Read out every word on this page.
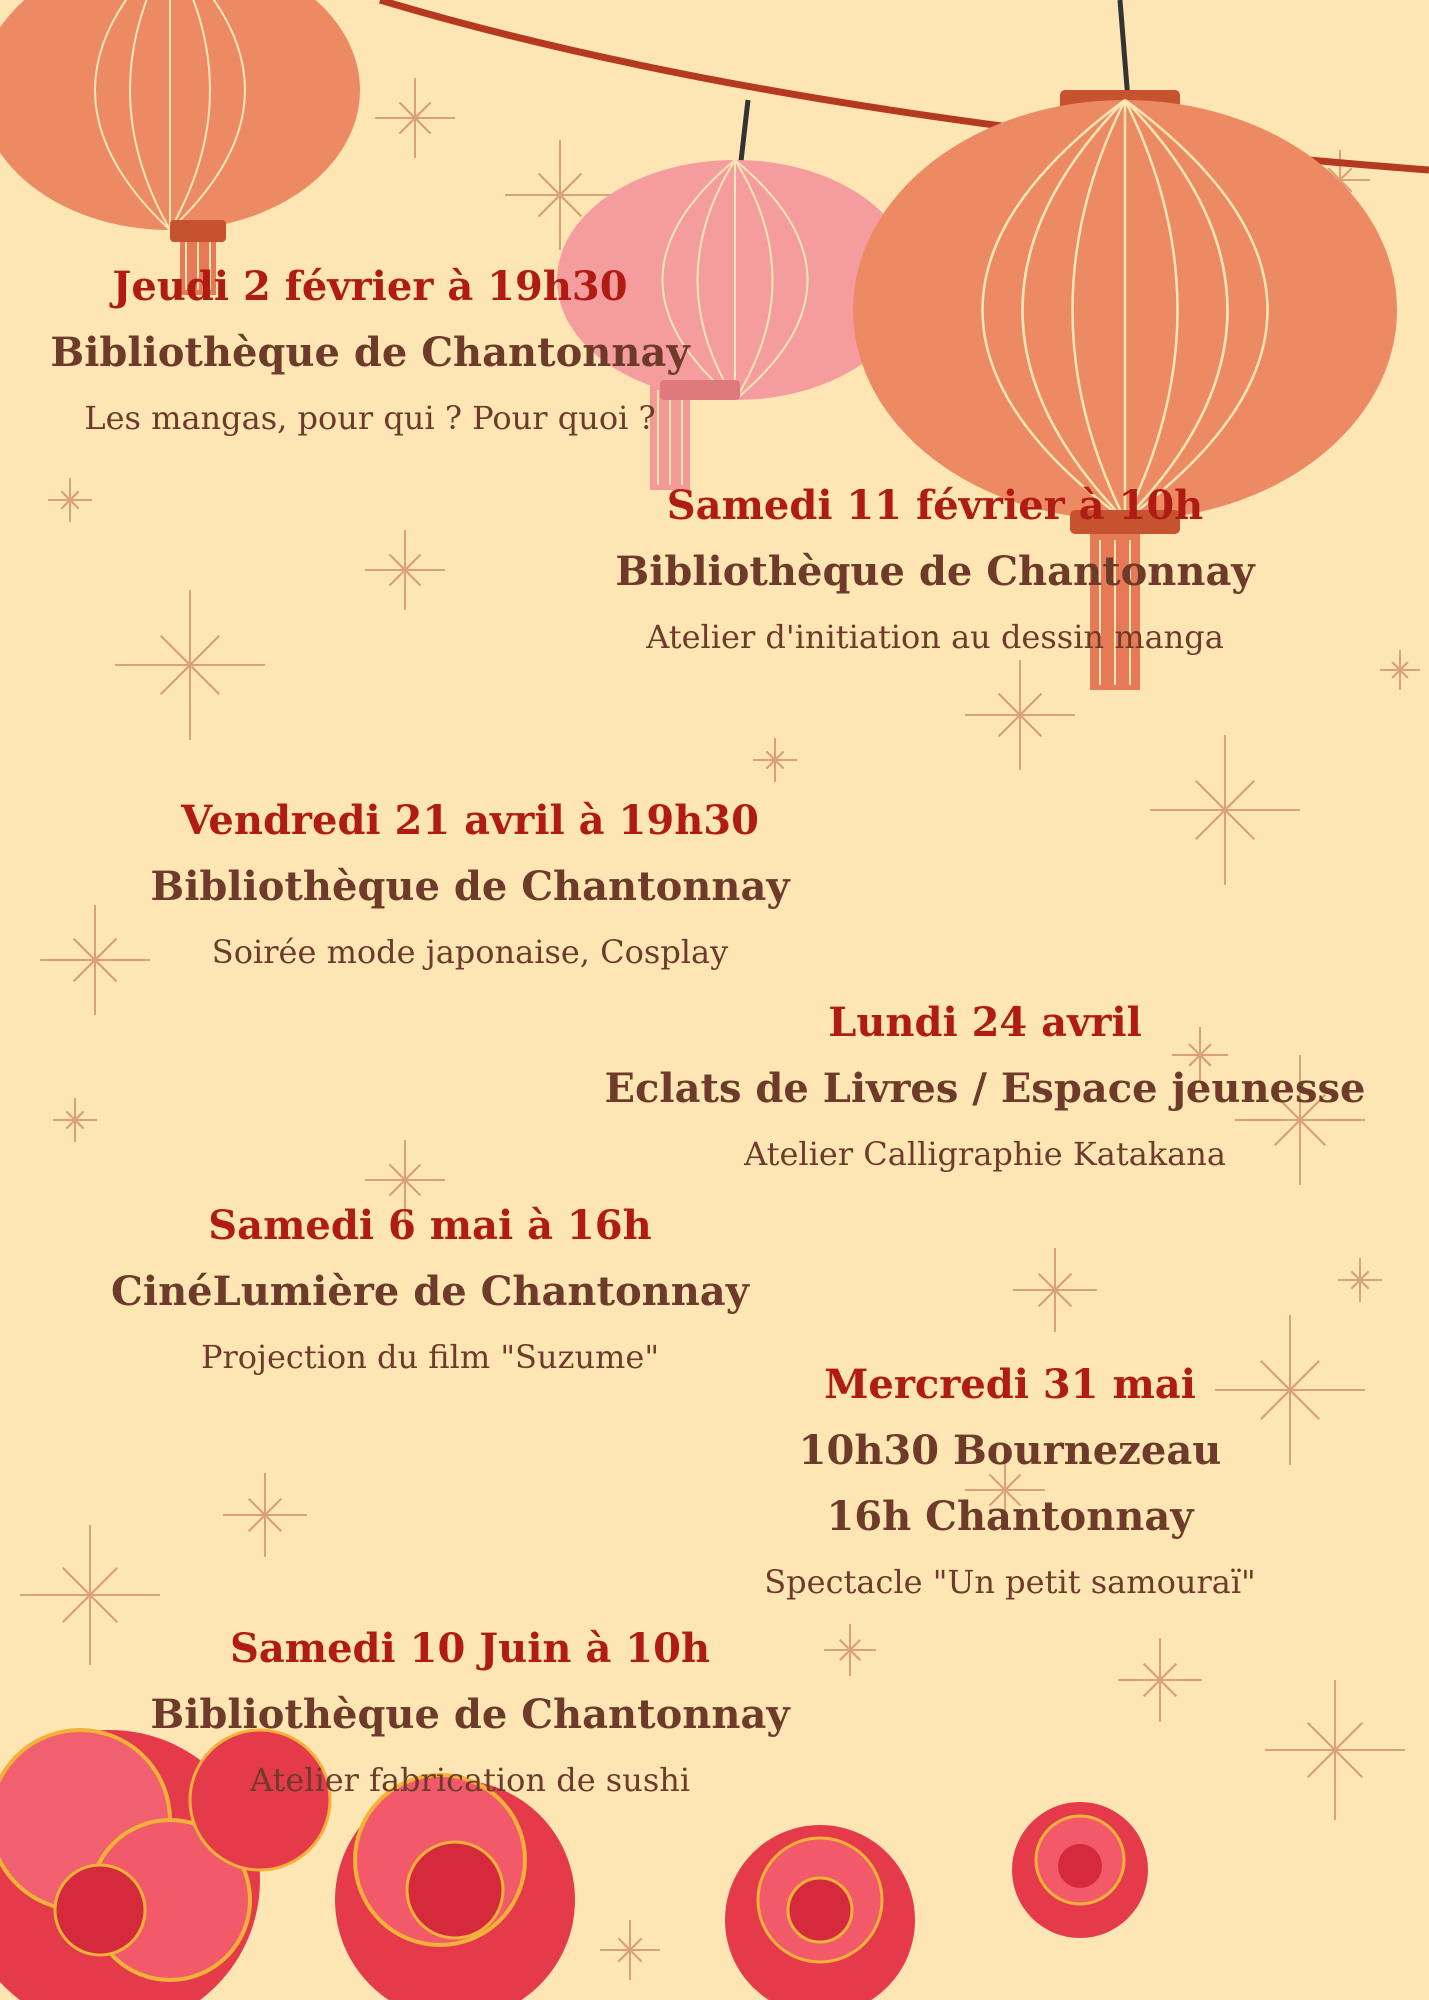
Jeudi 2 février à 19h30
Bibliothèque de Chantonnay
Les mangas, pour qui ? Pour quoi ?
Samedi 11 février à 10h
Bibliothèque de Chantonnay
Atelier d'initiation au dessin manga
Vendredi 21 avril à 19h30
Bibliothèque de Chantonnay
Soirée mode japonaise, Cosplay
Lundi 24 avril
Eclats de Livres / Espace jeunesse
Atelier Calligraphie Katakana
Samedi 6 mai à 16h
CinéLumière de Chantonnay
Projection du film "Suzume"
Mercredi 31 mai
10h30 Bournezeau
16h Chantonnay
Spectacle "Un petit samouraï"
Samedi 10 Juin à 10h
Bibliothèque de Chantonnay
Atelier fabrication de sushi
